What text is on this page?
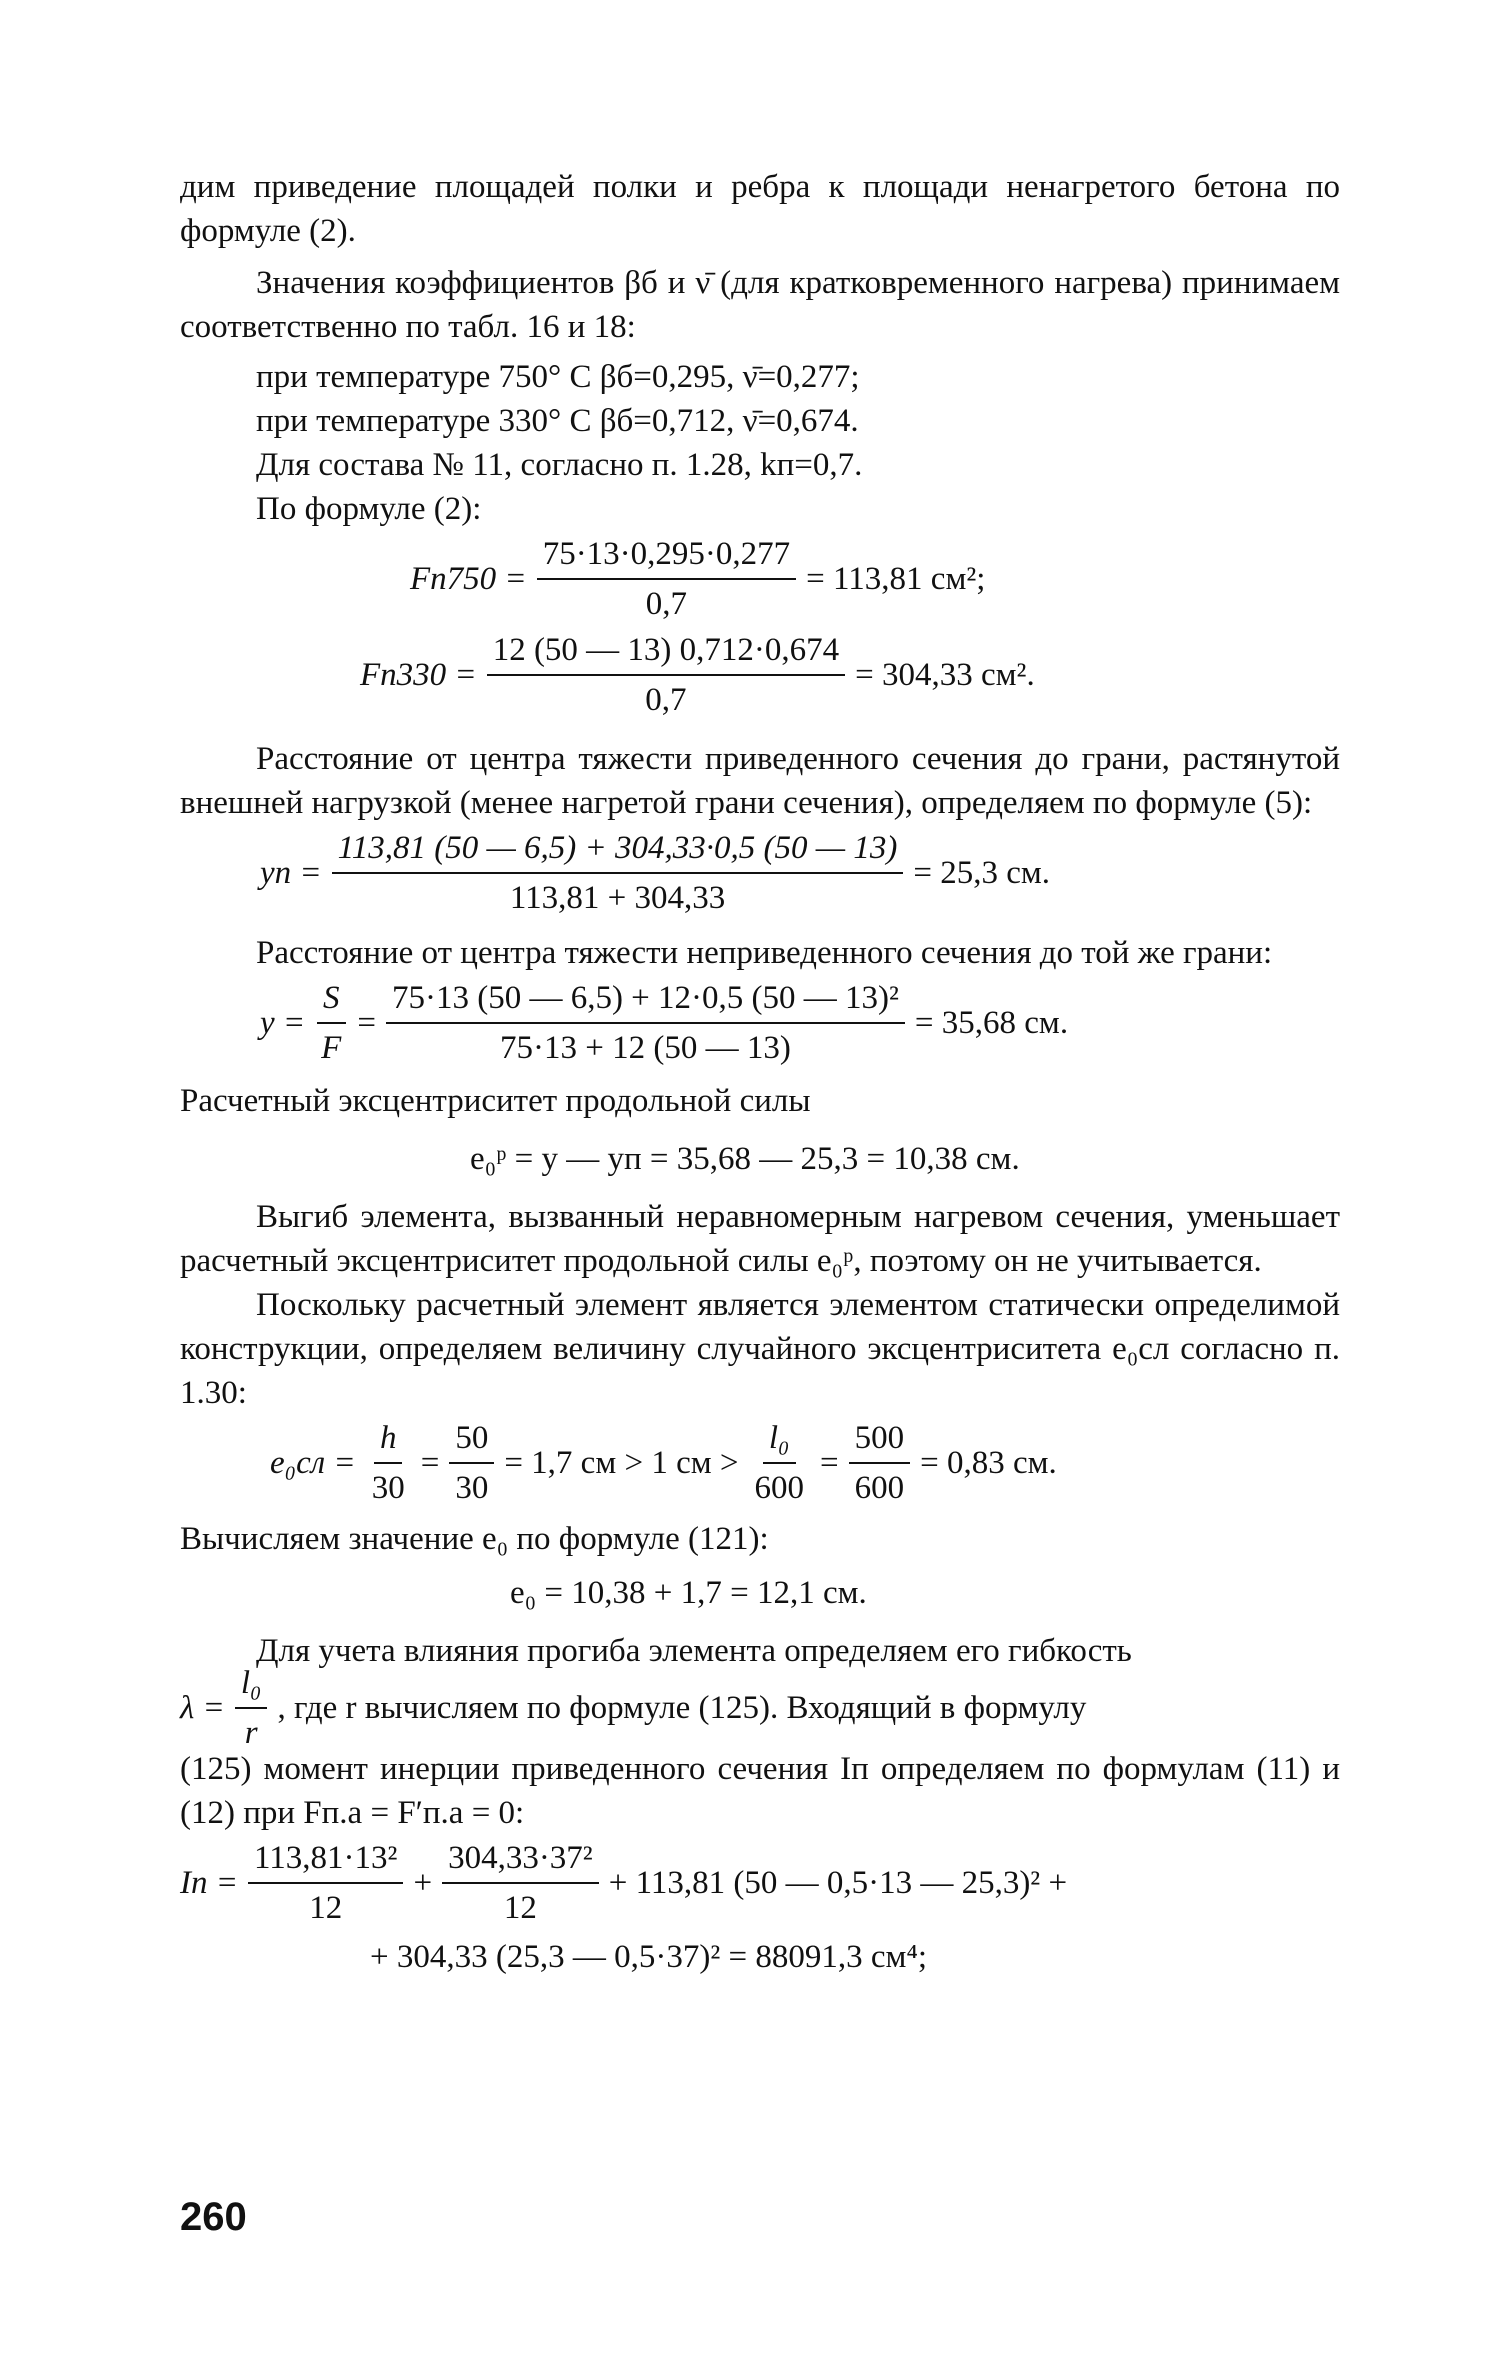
дим приведение площадей полки и ребра к площади ненагретого бетона по формуле (2).

Значения коэффициентов βб и ν̄ (для кратковременного нагрева) принимаем соответственно по табл. 16 и 18:

при температуре 750° С βб=0,295, ν̄=0,277;

при температуре 330° С βб=0,712, ν̄=0,674.

Для состава № 11, согласно п. 1.28, kп=0,7.

По формуле (2):

$Fп750 = \frac{75\cdot 13\cdot 0,295\cdot 0,277}{0,7} = 113,81$ см²;
$Fп330 = \frac{12 (50 — 13) 0,712\cdot 0,674}{0,7} = 304,33$ см².

Расстояние от центра тяжести приведенного сечения до грани, растянутой внешней нагрузкой (менее нагретой грани сечения), определяем по формуле (5):

yп = $\frac{113,81 (50 — 6,5) + 304,33\cdot 0,5 (50 — 13)}{113,81 + 304,33} = 25,3$ см.

Расстояние от центра тяжести неприведенного сечения до той же грани:

$y = \frac{S}{F} = \frac{\text{75·13 (50 — 6,5) + 12·0,5 (50 — 13)²}}{75\cdot 13 + 12 (50 — 13)} = 35,68$ см.

Расчетный эксцентриситет продольной силы

e₀ᵖ = y — yп = 35,68 — 25,3 = 10,38 см.

Выгиб элемента, вызванный неравномерным нагревом сечения, уменьшает расчетный эксцентриситет продольной силы e₀ᵖ, поэтому он не учитывается.

Поскольку расчетный элемент является элементом статически определимой конструкции, определяем величину случайного эксцентриситета e₀сл согласно п. 1.30:

$e_0сл = \frac{h}{30} = \frac{50}{30} = 1,7$ см > 1 см > $\frac{\text{l₀}}{600} = \frac{500}{600} = 0,83$ см.

Вычисляем значение e₀ по формуле (121):

e₀ = 10,38 + 1,7 = 12,1 см.

Для учета влияния прогиба элемента определяем его гибкость

$\lambda = \frac{\text{l₀}}{r}$ , где r вычисляем по формуле (125). Входящий в формулу

(125) момент инерции приведенного сечения Iп определяем по формулам (11) и (12) при Fп.а = F′п.а = 0:

Iп = $\frac{\text{113,81·13²}}{12} + \frac{\text{304,33·37²}}{12} + 113,81$ (50 — 0,5·13 — 25,3)² +

+ 304,33 (25,3 — 0,5·37)² = 88091,3 см⁴;

260
